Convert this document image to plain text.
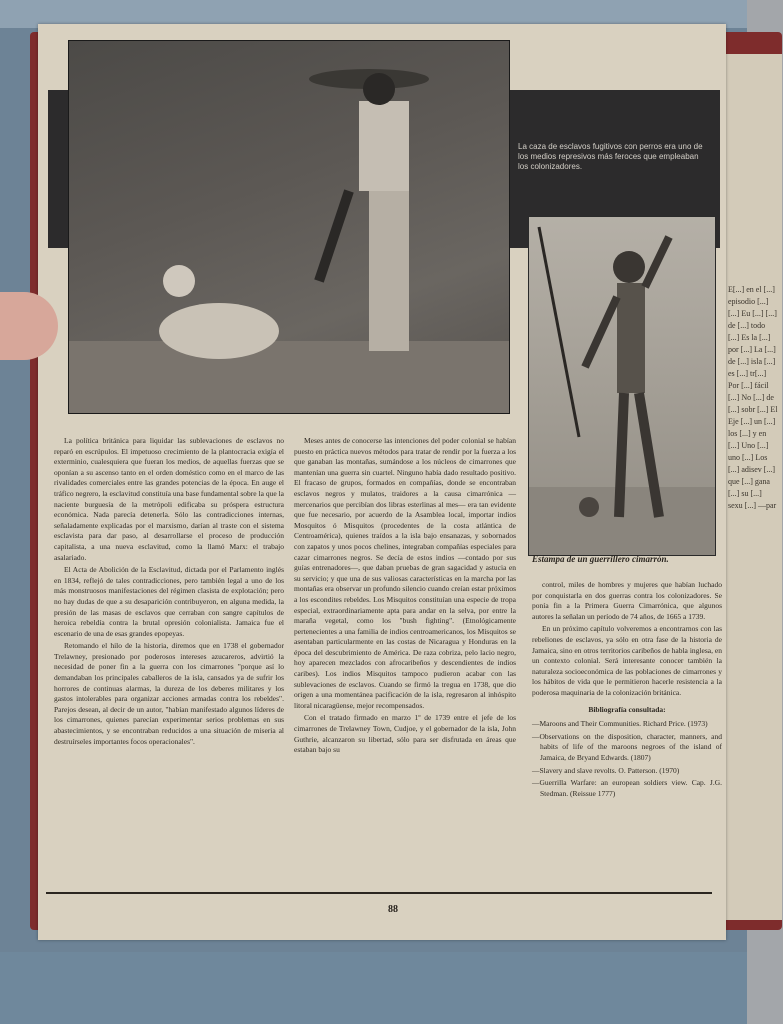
E[...] en el [...] episodio [...] [...] Eu [...] [...] de [...] todo [...] Es la [...] por [...] La [...] de [...] isla [...] es [...] tr[...] Por [...] fácil [...] No [...] de [...] sobr [...] El Eje [...] un [...] los [...] y en [...] Uno [...] uno [...] Los [...] adisev [...] que [...] gana [...] su [...] sexu [...] —par
La caza de esclavos fugitivos con perros era uno de los medios represivos más feroces que empleaban los colonizadores.
Estampa de un guerrillero cimarrón.

La política británica para liquidar las sublevaciones de esclavos no reparó en escrúpulos. El impetuoso crecimiento de la plantocracia exigía el exterminio, cualesquiera que fueran los medios, de aquellas fuerzas que se oponían a su ascenso tanto en el orden doméstico como en el marco de las rivalidades comerciales entre las grandes potencias de la época. En auge el tráfico negrero, la esclavitud constituía una base fundamental sobre la que la naciente burguesía de la metrópoli edificaba su próspera estructura económica. Nada parecía detenerla. Sólo las contradicciones internas, señaladamente explicadas por el marxismo, darían al traste con el sistema esclavista para dar paso, al desarrollarse el proceso de producción capitalista, a una nueva esclavitud, como la llamó Marx: el trabajo asalariado.

El Acta de Abolición de la Esclavitud, dictada por el Parlamento inglés en 1834, reflejó de tales contradicciones, pero también legal a uno de los más monstruosos manifestaciones del régimen clasista de explotación; pero no hay dudas de que a su desaparición contribuyeron, en alguna medida, la presión de las masas de esclavos que cerraban con sangre capítulos de heroica rebeldía contra la brutal opresión colonialista. Jamaica fue el escenario de una de esas grandes epopeyas.

Retomando el hilo de la historia, diremos que en 1738 el gobernador Trelawney, presionado por poderosos intereses azucareros, advirtió la necesidad de poner fin a la guerra con los cimarrones "porque así lo demandaban los principales caballeros de la isla, cansados ya de sufrir los horrores de continuas alarmas, la dureza de los deberes militares y los gastos intolerables para organizar acciones armadas contra los rebeldes". Parejos desean, al decir de un autor, "habían manifestado algunos líderes de los cimarrones, quienes parecían experimentar serios problemas en sus abastecimientos, y se encontraban reducidos a una situación de miseria al destruírseles importantes focos operacionales".

Meses antes de conocerse las intenciones del poder colonial se habían puesto en práctica nuevos métodos para tratar de rendir por la fuerza a los que ganaban las montañas, sumándose a los núcleos de cimarrones que mantenían una guerra sin cuartel. Ninguno había dado resultado positivo. El fracaso de grupos, formados en compañías, donde se encontraban esclavos negros y mulatos, traidores a la causa cimarrónica —mercenarios que percibían dos libras esterlinas al mes— era tan evidente que fue necesario, por acuerdo de la Asamblea local, importar indios Mosquitos ó Misquitos (procedentes de la costa atlántica de Centroamérica), quienes traídos a la isla bajo ensanazas, y sobornados con zapatos y unos pocos chelines, integraban compañías especiales para cazar cimarrones negros. Se decía de estos indios —contado por sus guías entrenadores—, que daban pruebas de gran sagacidad y astucia en su servicio; y que una de sus valiosas características en la marcha por las montañas era observar un profundo silencio cuando creían estar próximos a los escondites rebeldes. Los Misquitos constituían una especie de tropa especial, extraordinariamente apta para andar en la selva, por entre la maraña vegetal, como los "bush fighting". (Etnológicamente pertenecientes a una familia de indios centroamericanos, los Misquitos se asentaban particularmente en las costas de Nicaragua y Honduras en la época del descubrimiento de América. De raza cobriza, pelo lacio negro, hoy aparecen mezclados con afrocaribeños y descendientes de indios caribes). Los indios Misquitos tampoco pudieron acabar con las sublevaciones de esclavos. Cuando se firmó la tregua en 1738, que dio origen a una momentánea pacificación de la isla, regresaron al inhóspito litoral nicaragüense, mejor recompensados.

Con el tratado firmado en marzo 1º de 1739 entre el jefe de los cimarrones de Trelawney Town, Cudjoe, y el gobernador de la isla, John Guthrie, alcanzaron su libertad, sólo para ser disfrutada en áreas que estaban bajo su

control, miles de hombres y mujeres que habían luchado por conquistarla en dos guerras contra los colonizadores. Se ponía fin a la Primera Guerra Cimarrónica, que algunos autores la señalan un período de 74 años, de 1665 a 1739.

En un próximo capítulo volveremos a encontrarnos con las rebeliones de esclavos, ya sólo en otra fase de la historia de Jamaica, sino en otros territorios caribeños de habla inglesa, en un contexto colonial. Será interesante conocer también la naturaleza socioeconómica de las poblaciones de cimarrones y los hábitos de vida que le permitieron hacerle resistencia a la poderosa maquinaria de la colonización británica.

Bibliografía consultada:
—Maroons and Their Communities. Richard Price. (1973)
—Observations on the disposition, character, manners, and habits of life of the maroons negroes of the island of Jamaica, de Bryand Edwards. (1807)
—Slavery and slave revolts. O. Patterson. (1970)
—Guerrilla Warfare: an european soldiers view. Cap. J.G. Stedman. (Reissue 1777)
88
